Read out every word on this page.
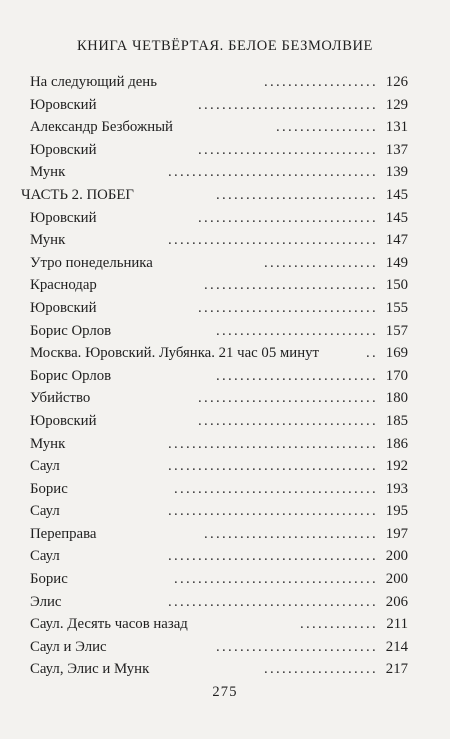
КНИГА ЧЕТВЁРТАЯ. БЕЛОЕ БЕЗМОЛВИЕ
На следующий день	................... 126
Юровский	.............................. 129
Александр Безбожный	................. 131
Юровский	.............................. 137
Мунк	................................... 139
ЧАСТЬ 2. ПОБЕГ	........................... 145
Юровский	.............................. 145
Мунк	................................... 147
Утро понедельника	................... 149
Краснодар	............................. 150
Юровский	.............................. 155
Борис Орлов	........................... 157
Москва. Юровский. Лубянка. 21 час 05 минут	.. 169
Борис Орлов	........................... 170
Убийство	.............................. 180
Юровский	.............................. 185
Мунк	................................... 186
Саул	................................... 192
Борис	.................................. 193
Саул	................................... 195
Переправа	............................. 197
Саул	................................... 200
Борис	.................................. 200
Элис	................................... 206
Саул. Десять часов назад	............. 211
Саул и Элис	........................... 214
Саул, Элис и Мунк	................... 217
275
